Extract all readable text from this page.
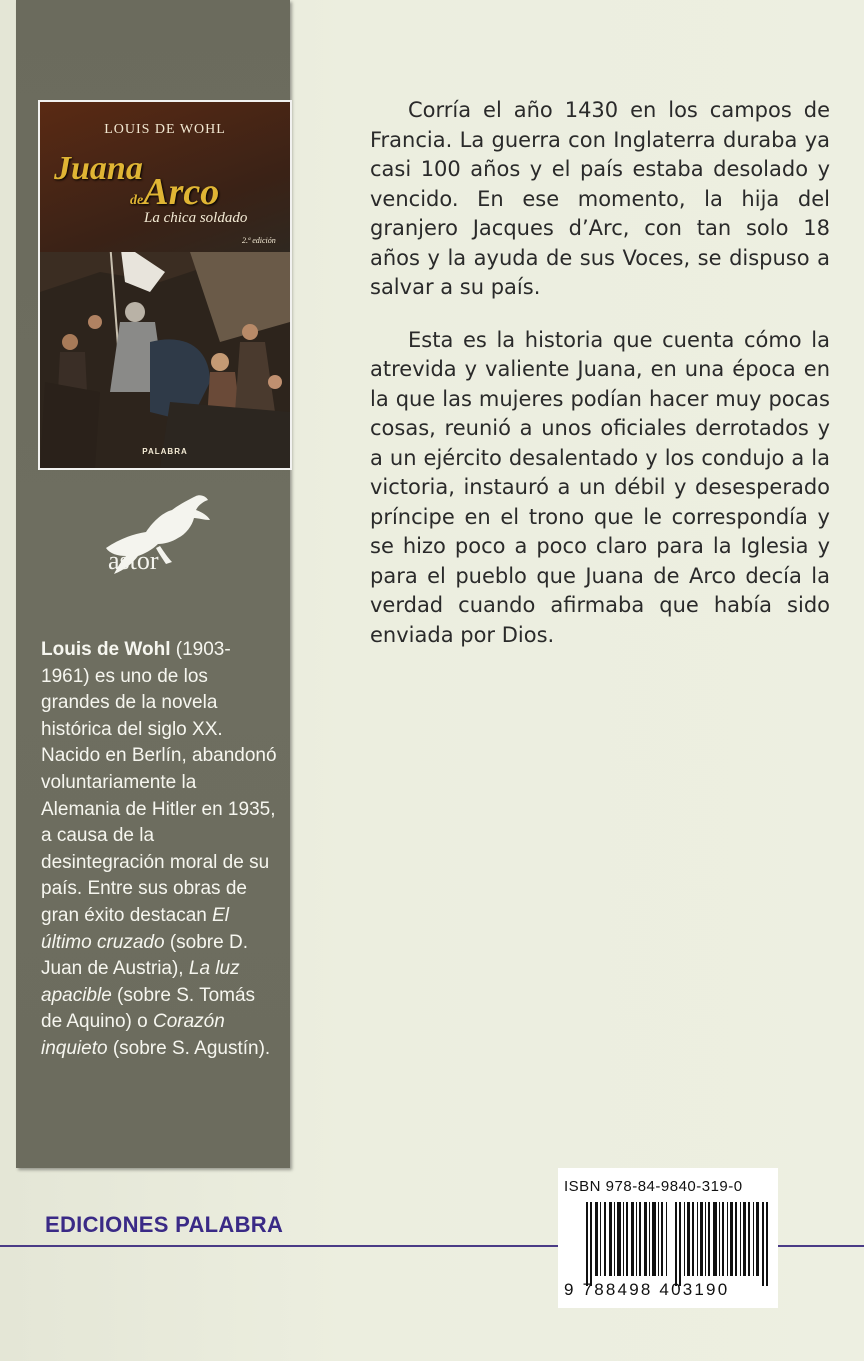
LOUIS DE WOHL
Juana
deArco
La chica soldado
2.ª edición
PALABRA
astor
Louis de Wohl (1903-1961) es uno de los grandes de la novela histórica del siglo XX. Nacido en Berlín, abandonó voluntariamente la Alemania de Hitler en 1935, a causa de la desintegración moral de su país. Entre sus obras de gran éxito destacan El último cruzado (sobre D. Juan de Austria), La luz apacible (sobre S. Tomás de Aquino) o Corazón inquieto (sobre S. Agustín).

Corría el año 1430 en los campos de Francia. La guerra con Inglaterra duraba ya casi 100 años y el país estaba desolado y vencido. En ese momento, la hija del granjero Jacques d’Arc, con tan solo 18 años y la ayuda de sus Voces, se dispuso a salvar a su país.

Esta es la historia que cuenta cómo la atrevida y valiente Juana, en una época en la que las mujeres podían hacer muy pocas cosas, reunió a unos oficiales derrotados y a un ejército desalentado y los condujo a la victoria, instauró a un débil y desesperado príncipe en el trono que le correspondía y se hizo poco a poco claro para la Iglesia y para el pueblo que Juana de Arco decía la verdad cuando afirmaba que había sido enviada por Dios.

EDICIONES PALABRA
ISBN 978-84-9840-319-0
9 788498 403190
